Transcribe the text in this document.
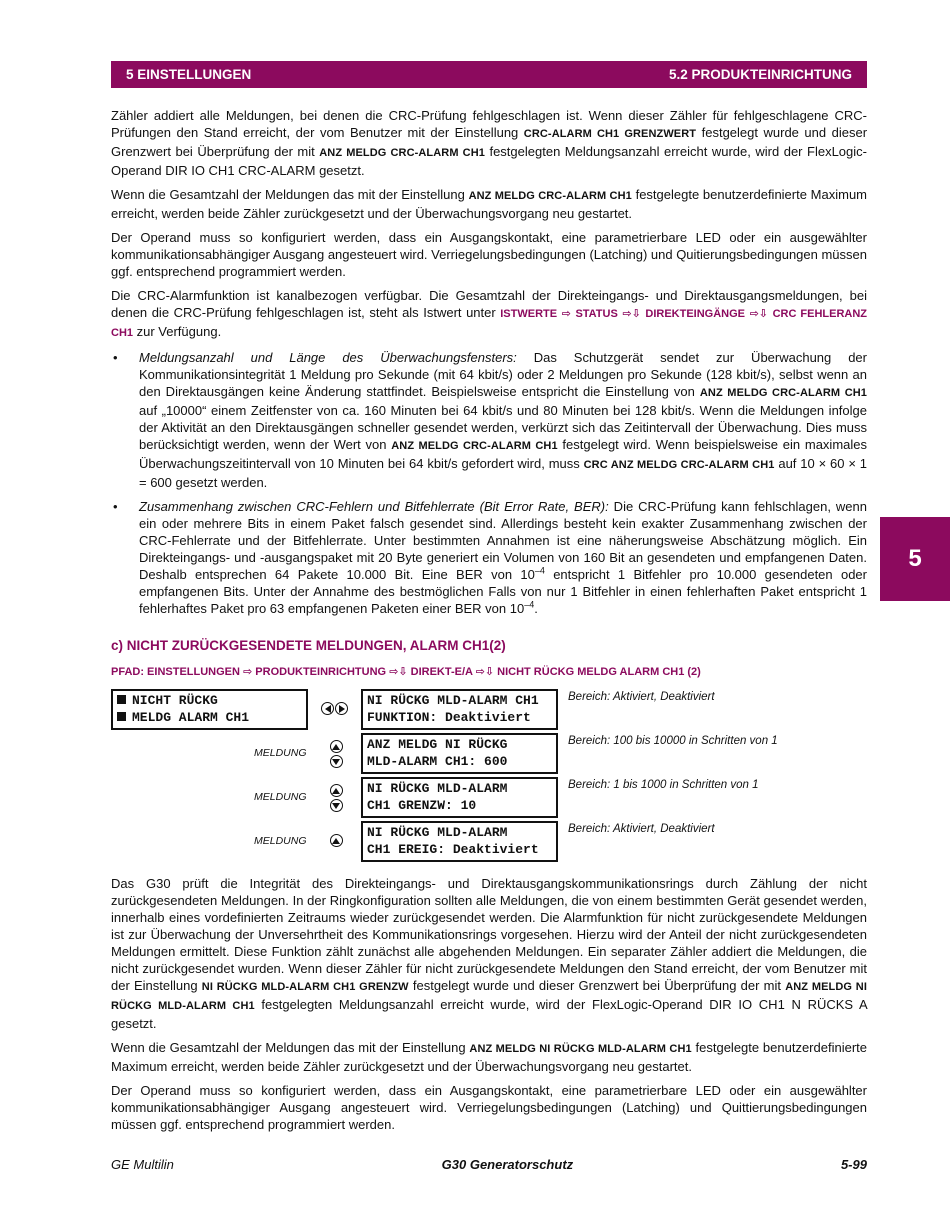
5 EINSTELLUNGEN	5.2 PRODUKTEINRICHTUNG
5

Zähler addiert alle Meldungen, bei denen die CRC-Prüfung fehlgeschlagen ist. Wenn dieser Zähler für fehlgeschlagene CRC-Prüfungen den Stand erreicht, der vom Benutzer mit der Einstellung CRC-ALARM CH1 GRENZWERT festgelegt wurde und dieser Grenzwert bei Überprüfung der mit ANZ MELDG CRC-ALARM CH1 festgelegten Meldungsanzahl erreicht wurde, wird der FlexLogic-Operand DIR IO CH1 CRC-ALARM gesetzt.

Wenn die Gesamtzahl der Meldungen das mit der Einstellung ANZ MELDG CRC-ALARM CH1 festgelegte benutzerdefinierte Maximum erreicht, werden beide Zähler zurückgesetzt und der Überwachungsvorgang neu gestartet.

Der Operand muss so konfiguriert werden, dass ein Ausgangskontakt, eine parametrierbare LED oder ein ausgewählter kommunikationsabhängiger Ausgang angesteuert wird. Verriegelungsbedingungen (Latching) und Quitierungsbedingungen müssen ggf. entsprechend programmiert werden.

Die CRC-Alarmfunktion ist kanalbezogen verfügbar. Die Gesamtzahl der Direkteingangs- und Direktausgangsmeldungen, bei denen die CRC-Prüfung fehlgeschlagen ist, steht als Istwert unter ISTWERTE ⇨ STATUS ⇨⇩ DIREKTEINGÄNGE ⇨⇩ CRC FEHLERANZ CH1 zur Verfügung.

• Meldungsanzahl und Länge des Überwachungsfensters: Das Schutzgerät sendet zur Überwachung der Kommunikationsintegrität 1 Meldung pro Sekunde (mit 64 kbit/s) oder 2 Meldungen pro Sekunde (128 kbit/s), selbst wenn an den Direktausgängen keine Änderung stattfindet. Beispielsweise entspricht die Einstellung von ANZ MELDG CRC-ALARM CH1 auf „10000“ einem Zeitfenster von ca. 160 Minuten bei 64 kbit/s und 80 Minuten bei 128 kbit/s. Wenn die Meldungen infolge der Aktivität an den Direktausgängen schneller gesendet werden, verkürzt sich das Zeitintervall der Überwachung. Dies muss berücksichtigt werden, wenn der Wert von ANZ MELDG CRC-ALARM CH1 festgelegt wird. Wenn beispielsweise ein maximales Überwachungszeitintervall von 10 Minuten bei 64 kbit/s gefordert wird, muss CRC ANZ MELDG CRC-ALARM CH1 auf 10 × 60 × 1 = 600 gesetzt werden.
• Zusammenhang zwischen CRC-Fehlern und Bitfehlerrate (Bit Error Rate, BER): Die CRC-Prüfung kann fehlschlagen, wenn ein oder mehrere Bits in einem Paket falsch gesendet sind. Allerdings besteht kein exakter Zusammenhang zwischen der CRC-Fehlerrate und der Bitfehlerrate. Unter bestimmten Annahmen ist eine näherungsweise Abschätzung möglich. Ein Direkteingangs- und -ausgangspaket mit 20 Byte generiert ein Volumen von 160 Bit an gesendeten und empfangenen Daten. Deshalb entsprechen 64 Pakete 10.000 Bit. Eine BER von $10^{-4}$ entspricht 1 Bitfehler pro 10.000 gesendeten oder empfangenen Bits. Unter der Annahme des bestmöglichen Falls von nur 1 Bitfehler in einen fehlerhaften Paket entspricht 1 fehlerhaftes Paket pro 63 empfangenen Paketen einer BER von $10^{-4}$.
c) NICHT ZURÜCKGESENDETE MELDUNGEN, ALARM CH1(2)
PFAD: EINSTELLUNGEN ⇨ PRODUKTEINRICHTUNG ⇨⇩ DIREKT-E/A ⇨⇩ NICHT RÜCKG MELDG ALARM CH1 (2)
NICHT RÜCKG
MELDG ALARM CH1
NI RÜCKG MLD-ALARM CH1
FUNKTION: Deaktiviert
Bereich: Aktiviert, Deaktiviert
MELDUNG
ANZ MELDG NI RÜCKG
MLD-ALARM CH1: 600
Bereich: 100 bis 10000 in Schritten von 1
MELDUNG
NI RÜCKG MLD-ALARM
CH1 GRENZW: 10
Bereich: 1 bis 1000 in Schritten von 1
MELDUNG
NI RÜCKG MLD-ALARM
CH1 EREIG: Deaktiviert
Bereich: Aktiviert, Deaktiviert

Das G30 prüft die Integrität des Direkteingangs- und Direktausgangskommunikationsrings durch Zählung der nicht zurückgesendeten Meldungen. In der Ringkonfiguration sollten alle Meldungen, die von einem bestimmten Gerät gesendet werden, innerhalb eines vordefinierten Zeitraums wieder zurückgesendet werden. Die Alarmfunktion für nicht zurückgesendete Meldungen ist zur Überwachung der Unversehrtheit des Kommunikationsrings vorgesehen. Hierzu wird der Anteil der nicht zurückgesendeten Meldungen ermittelt. Diese Funktion zählt zunächst alle abgehenden Meldungen. Ein separater Zähler addiert die Meldungen, die nicht zurückgesendet wurden. Wenn dieser Zähler für nicht zurückgesendete Meldungen den Stand erreicht, der vom Benutzer mit der Einstellung NI RÜCKG MLD-ALARM CH1 GRENZW festgelegt wurde und dieser Grenzwert bei Überprüfung der mit ANZ MELDG NI RÜCKG MLD-ALARM CH1 festgelegten Meldungsanzahl erreicht wurde, wird der FlexLogic-Operand DIR IO CH1 N RÜCKS A gesetzt.

Wenn die Gesamtzahl der Meldungen das mit der Einstellung ANZ MELDG NI RÜCKG MLD-ALARM CH1 festgelegte benutzerdefinierte Maximum erreicht, werden beide Zähler zurückgesetzt und der Überwachungsvorgang neu gestartet.

Der Operand muss so konfiguriert werden, dass ein Ausgangskontakt, eine parametrierbare LED oder ein ausgewählter kommunikationsabhängiger Ausgang angesteuert wird. Verriegelungsbedingungen (Latching) und Quittierungsbedingungen müssen ggf. entsprechend programmiert werden.

GE Multilin	G30 Generatorschutz	5-99
